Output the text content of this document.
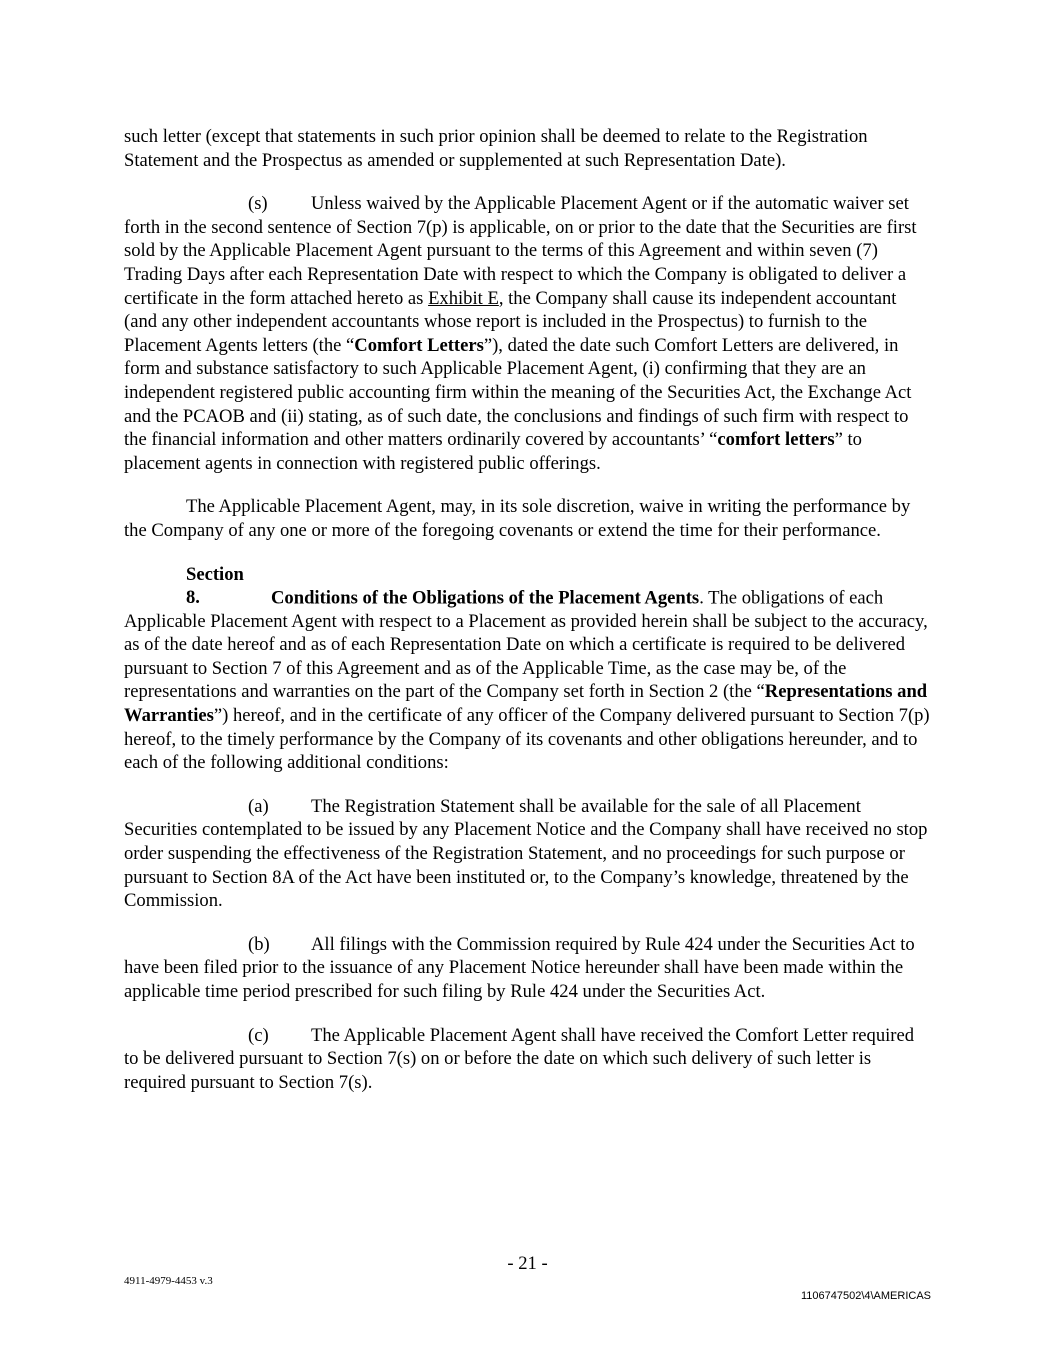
such letter (except that statements in such prior opinion shall be deemed to relate to the Registration Statement and the Prospectus as amended or supplemented at such Representation Date).

(s) Unless waived by the Applicable Placement Agent or if the automatic waiver set forth in the second sentence of Section 7(p) is applicable, on or prior to the date that the Securities are first sold by the Applicable Placement Agent pursuant to the terms of this Agreement and within seven (7) Trading Days after each Representation Date with respect to which the Company is obligated to deliver a certificate in the form attached hereto as Exhibit E, the Company shall cause its independent accountant (and any other independent accountants whose report is included in the Prospectus) to furnish to the Placement Agents letters (the “Comfort Letters”), dated the date such Comfort Letters are delivered, in form and substance satisfactory to such Applicable Placement Agent, (i) confirming that they are an independent registered public accounting firm within the meaning of the Securities Act, the Exchange Act and the PCAOB and (ii) stating, as of such date, the conclusions and findings of such firm with respect to the financial information and other matters ordinarily covered by accountants’ “comfort letters” to placement agents in connection with registered public offerings.

The Applicable Placement Agent, may, in its sole discretion, waive in writing the performance by the Company of any one or more of the foregoing covenants or extend the time for their performance.

Section 8.	Conditions of the Obligations of the Placement Agents. The obligations of each Applicable Placement Agent with respect to a Placement as provided herein shall be subject to the accuracy, as of the date hereof and as of each Representation Date on which a certificate is required to be delivered pursuant to Section 7 of this Agreement and as of the Applicable Time, as the case may be, of the representations and warranties on the part of the Company set forth in Section 2 (the “Representations and Warranties”) hereof, and in the certificate of any officer of the Company delivered pursuant to Section 7(p) hereof, to the timely performance by the Company of its covenants and other obligations hereunder, and to each of the following additional conditions:

(a) The Registration Statement shall be available for the sale of all Placement Securities contemplated to be issued by any Placement Notice and the Company shall have received no stop order suspending the effectiveness of the Registration Statement, and no proceedings for such purpose or pursuant to Section 8A of the Act have been instituted or, to the Company’s knowledge, threatened by the Commission.

(b) All filings with the Commission required by Rule 424 under the Securities Act to have been filed prior to the issuance of any Placement Notice hereunder shall have been made within the applicable time period prescribed for such filing by Rule 424 under the Securities Act.

(c) The Applicable Placement Agent shall have received the Comfort Letter required to be delivered pursuant to Section 7(s) on or before the date on which such delivery of such letter is required pursuant to Section 7(s).

- 21 -
4911-4979-4453 v.3
1106747502\4\AMERICAS
